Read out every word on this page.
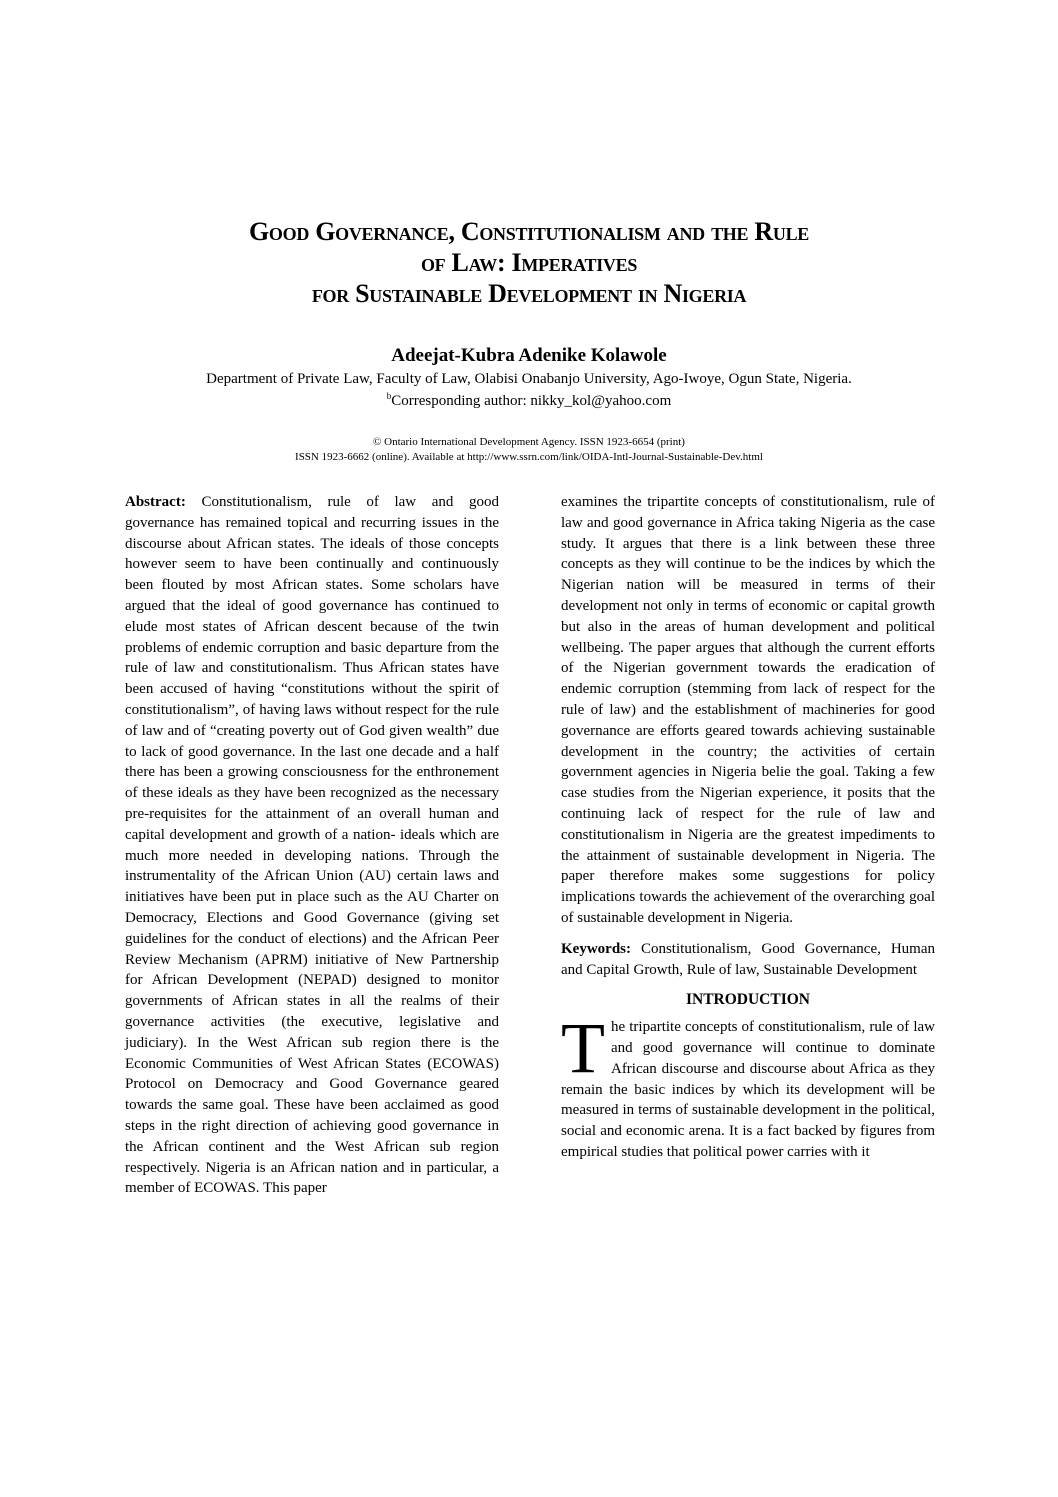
Good Governance, Constitutionalism and the Rule
of Law: Imperatives
for Sustainable Development in Nigeria
Adeejat-Kubra Adenike Kolawole
Department of Private Law, Faculty of Law, Olabisi Onabanjo University, Ago-Iwoye, Ogun State, Nigeria.
$^b$Corresponding author: nikky_kol@yahoo.com
© Ontario International Development Agency. ISSN 1923-6654 (print)
ISSN 1923-6662 (online). Available at http://www.ssrn.com/link/OIDA-Intl-Journal-Sustainable-Dev.html

Abstract: Constitutionalism, rule of law and good governance has remained topical and recurring issues in the discourse about African states. The ideals of those concepts however seem to have been continually and continuously been flouted by most African states. Some scholars have argued that the ideal of good governance has continued to elude most states of African descent because of the twin problems of endemic corruption and basic departure from the rule of law and constitutionalism. Thus African states have been accused of having “constitutions without the spirit of constitutionalism”, of having laws without respect for the rule of law and of “creating poverty out of God given wealth” due to lack of good governance. In the last one decade and a half there has been a growing consciousness for the enthronement of these ideals as they have been recognized as the necessary pre-requisites for the attainment of an overall human and capital development and growth of a nation- ideals which are much more needed in developing nations. Through the instrumentality of the African Union (AU) certain laws and initiatives have been put in place such as the AU Charter on Democracy, Elections and Good Governance (giving set guidelines for the conduct of elections) and the African Peer Review Mechanism (APRM) initiative of New Partnership for African Development (NEPAD) designed to monitor governments of African states in all the realms of their governance activities (the executive, legislative and judiciary). In the West African sub region there is the Economic Communities of West African States (ECOWAS) Protocol on Democracy and Good Governance geared towards the same goal. These have been acclaimed as good steps in the right direction of achieving good governance in the African continent and the West African sub region respectively. Nigeria is an African nation and in particular, a member of ECOWAS. This paper

examines the tripartite concepts of constitutionalism, rule of law and good governance in Africa taking Nigeria as the case study. It argues that there is a link between these three concepts as they will continue to be the indices by which the Nigerian nation will be measured in terms of their development not only in terms of economic or capital growth but also in the areas of human development and political wellbeing. The paper argues that although the current efforts of the Nigerian government towards the eradication of endemic corruption (stemming from lack of respect for the rule of law) and the establishment of machineries for good governance are efforts geared towards achieving sustainable development in the country; the activities of certain government agencies in Nigeria belie the goal. Taking a few case studies from the Nigerian experience, it posits that the continuing lack of respect for the rule of law and constitutionalism in Nigeria are the greatest impediments to the attainment of sustainable development in Nigeria. The paper therefore makes some suggestions for policy implications towards the achievement of the overarching goal of sustainable development in Nigeria.

Keywords: Constitutionalism, Good Governance, Human and Capital Growth, Rule of law, Sustainable Development

INTRODUCTION

The tripartite concepts of constitutionalism, rule of law and good governance will continue to dominate African discourse and discourse about Africa as they remain the basic indices by which its development will be measured in terms of sustainable development in the political, social and economic arena. It is a fact backed by figures from empirical studies that political power carries with it
